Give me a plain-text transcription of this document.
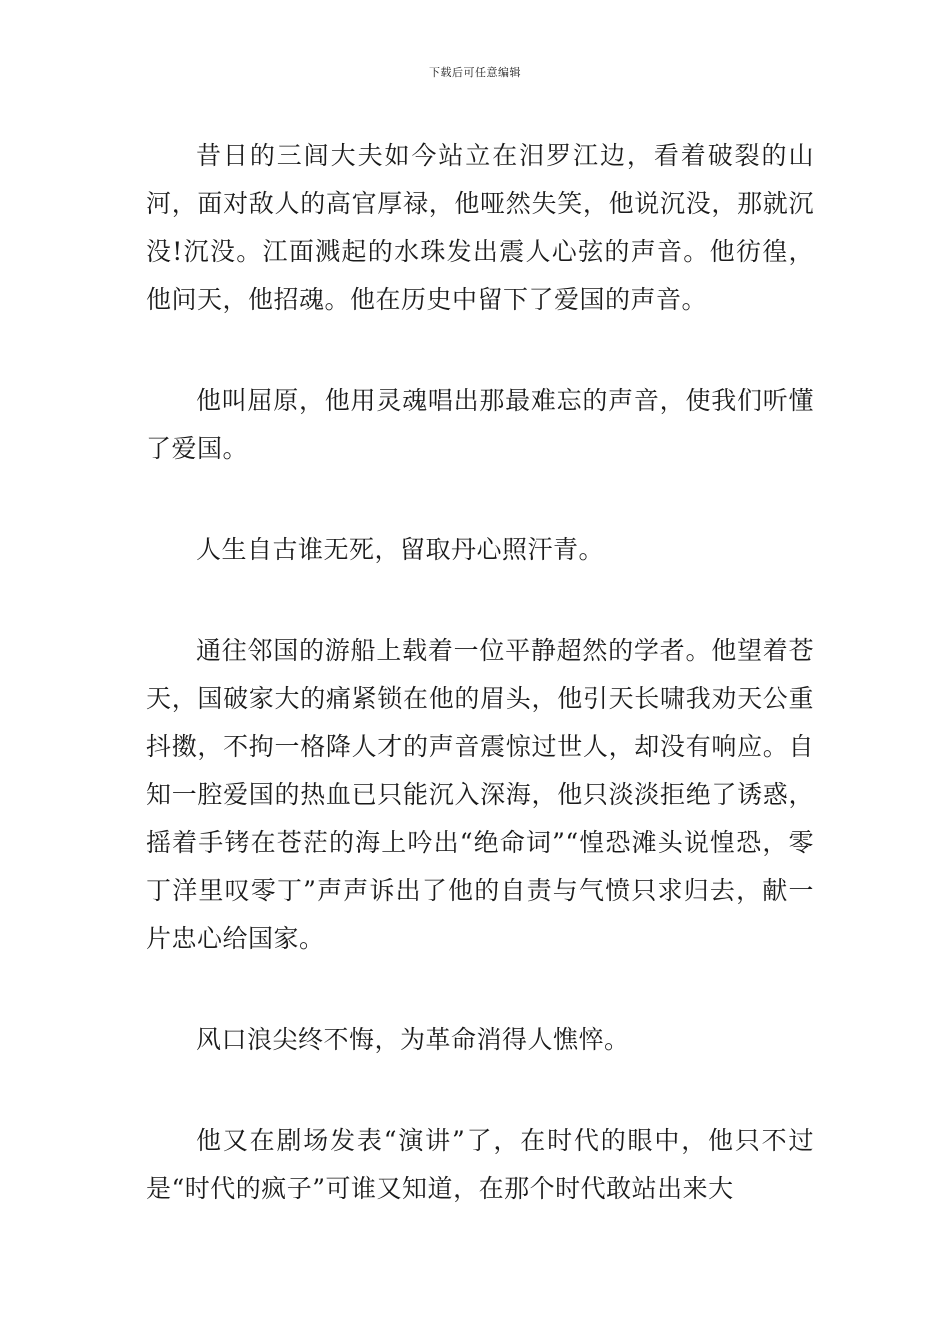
下载后可任意编辑

昔日的三闾大夫如今站立在汨罗江边，看着破裂的山河，面对敌人的高官厚禄，他哑然失笑，他说沉没，那就沉没!沉没。江面溅起的水珠发出震人心弦的声音。他彷徨，他问天，他招魂。他在历史中留下了爱国的声音。

他叫屈原，他用灵魂唱出那最难忘的声音，使我们听懂了爱国。

人生自古谁无死，留取丹心照汗青。

通往邻国的游船上载着一位平静超然的学者。他望着苍天，国破家大的痛紧锁在他的眉头，他引天长啸我劝天公重抖擞，不拘一格降人才的声音震惊过世人，却没有响应。自知一腔爱国的热血已只能沉入深海，他只淡淡拒绝了诱惑，摇着手铐在苍茫的海上吟出“绝命词”“惶恐滩头说惶恐，零丁洋里叹零丁”声声诉出了他的自责与气愤只求归去，献一片忠心给国家。

风口浪尖终不悔，为革命消得人憔悴。

他又在剧场发表“演讲”了，在时代的眼中，他只不过是“时代的疯子”可谁又知道，在那个时代敢站出来大
